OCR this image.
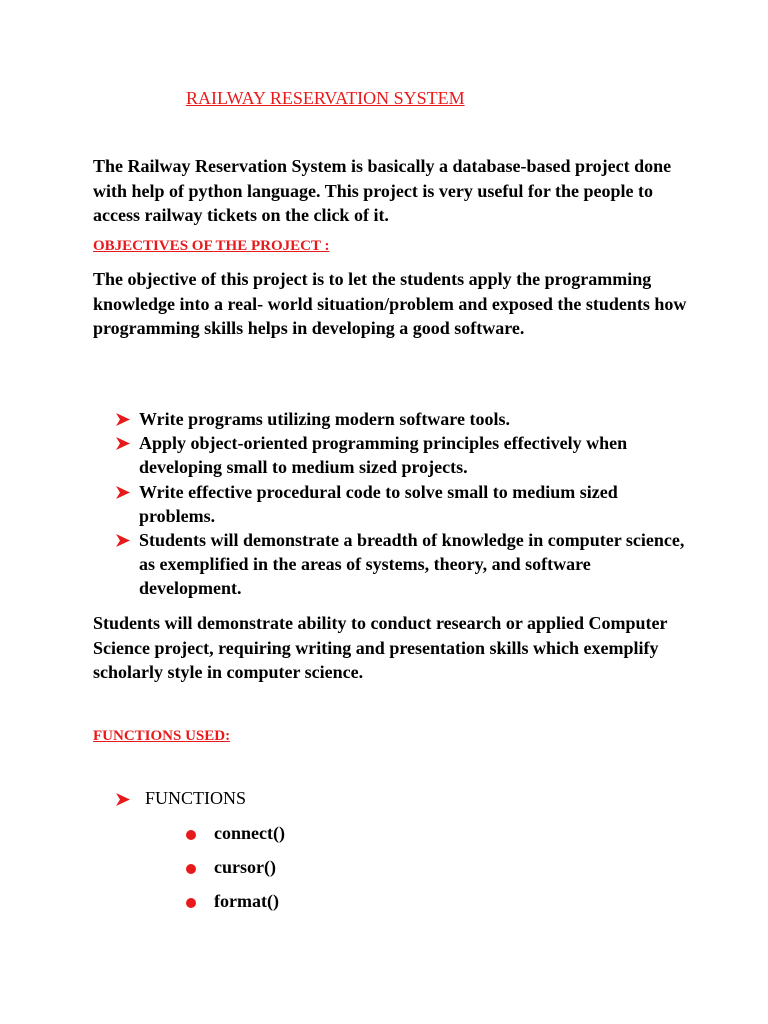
RAILWAY RESERVATION SYSTEM

The Railway Reservation System is basically a database-based project done with help of python language. This project is very useful for the people to access railway tickets on the click of it.

OBJECTIVES OF THE PROJECT :

The objective of this project is to let the students apply the programming knowledge into a real- world situation/problem and exposed the students how programming skills helps in developing a good software.

Write programs utilizing modern software tools.
Apply object-oriented programming principles effectively when developing small to medium sized projects.
Write effective procedural code to solve small to medium sized problems.
Students will demonstrate a breadth of knowledge in computer science, as exemplified in the areas of systems, theory, and software development.

Students will demonstrate ability to conduct research or applied Computer Science project, requiring writing and presentation skills which exemplify scholarly style in computer science.

FUNCTIONS USED:
FUNCTIONS
connect()
cursor()
format()
